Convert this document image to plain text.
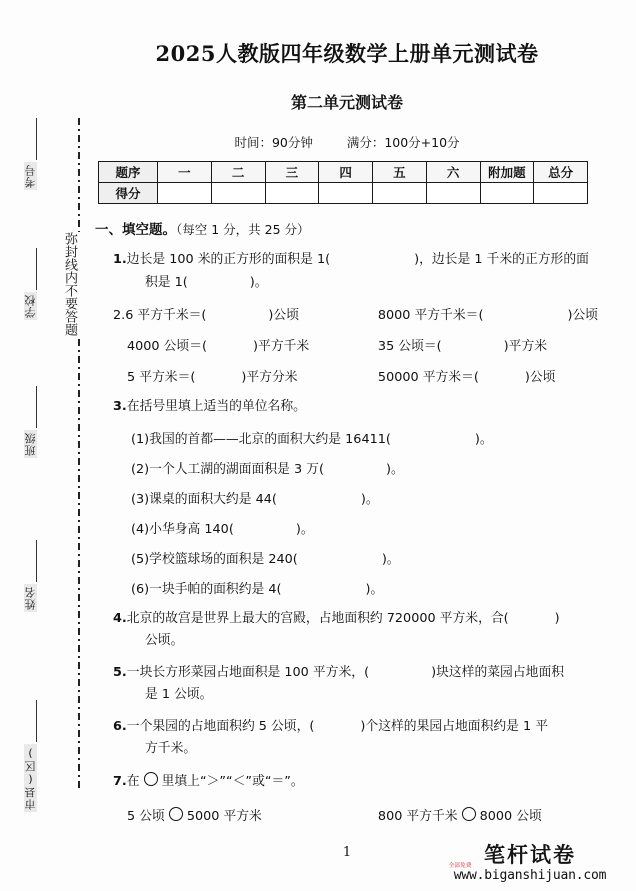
考号
学校
班级
姓名
市县(区)
弥封线内不要答题
2025人教版四年级数学上册单元测试卷
第二单元测试卷
时间：90分钟	满分：100分+10分
题序	一	二	三	四	五	六	附加题	总分
得分								
一、填空题。（每空 1 分，共 25 分）
1.边长是 100 米的正方形的面积是 1(	)，边长是 1 千米的正方形的面
积是 1(	)。
2.6 平方千米＝(	)公顷	8000 平方千米＝(	)公顷
4000 公顷＝(	)平方千米	35 公顷＝(	)平方米
5 平方米＝(	)平方分米	50000 平方米＝(	)公顷
3.在括号里填上适当的单位名称。
(1)我国的首都——北京的面积大约是 16411(	)。
(2)一个人工湖的湖面面积是 3 万(	)。
(3)课桌的面积大约是 44(	)。
(4)小华身高 140(	)。
(5)学校篮球场的面积是 240(	)。
(6)一块手帕的面积约是 4(	)。
4.北京的故宫是世界上最大的宫殿，占地面积约 720000 平方米，合(	)
公顷。
5.一块长方形菜园占地面积是 100 平方米，(	)块这样的菜园占地面积
是 1 公顷。
6.一个果园的占地面积约 5 公顷，(	)个这样的果园占地面积约是 1 平
方千米。
7.在 里填上“＞”“＜”或“＝”。
5 公顷 5000 平方米	800 平方千米 8000 公顷
1	笔杆试卷
www.biganshijuan.com
全部免费
